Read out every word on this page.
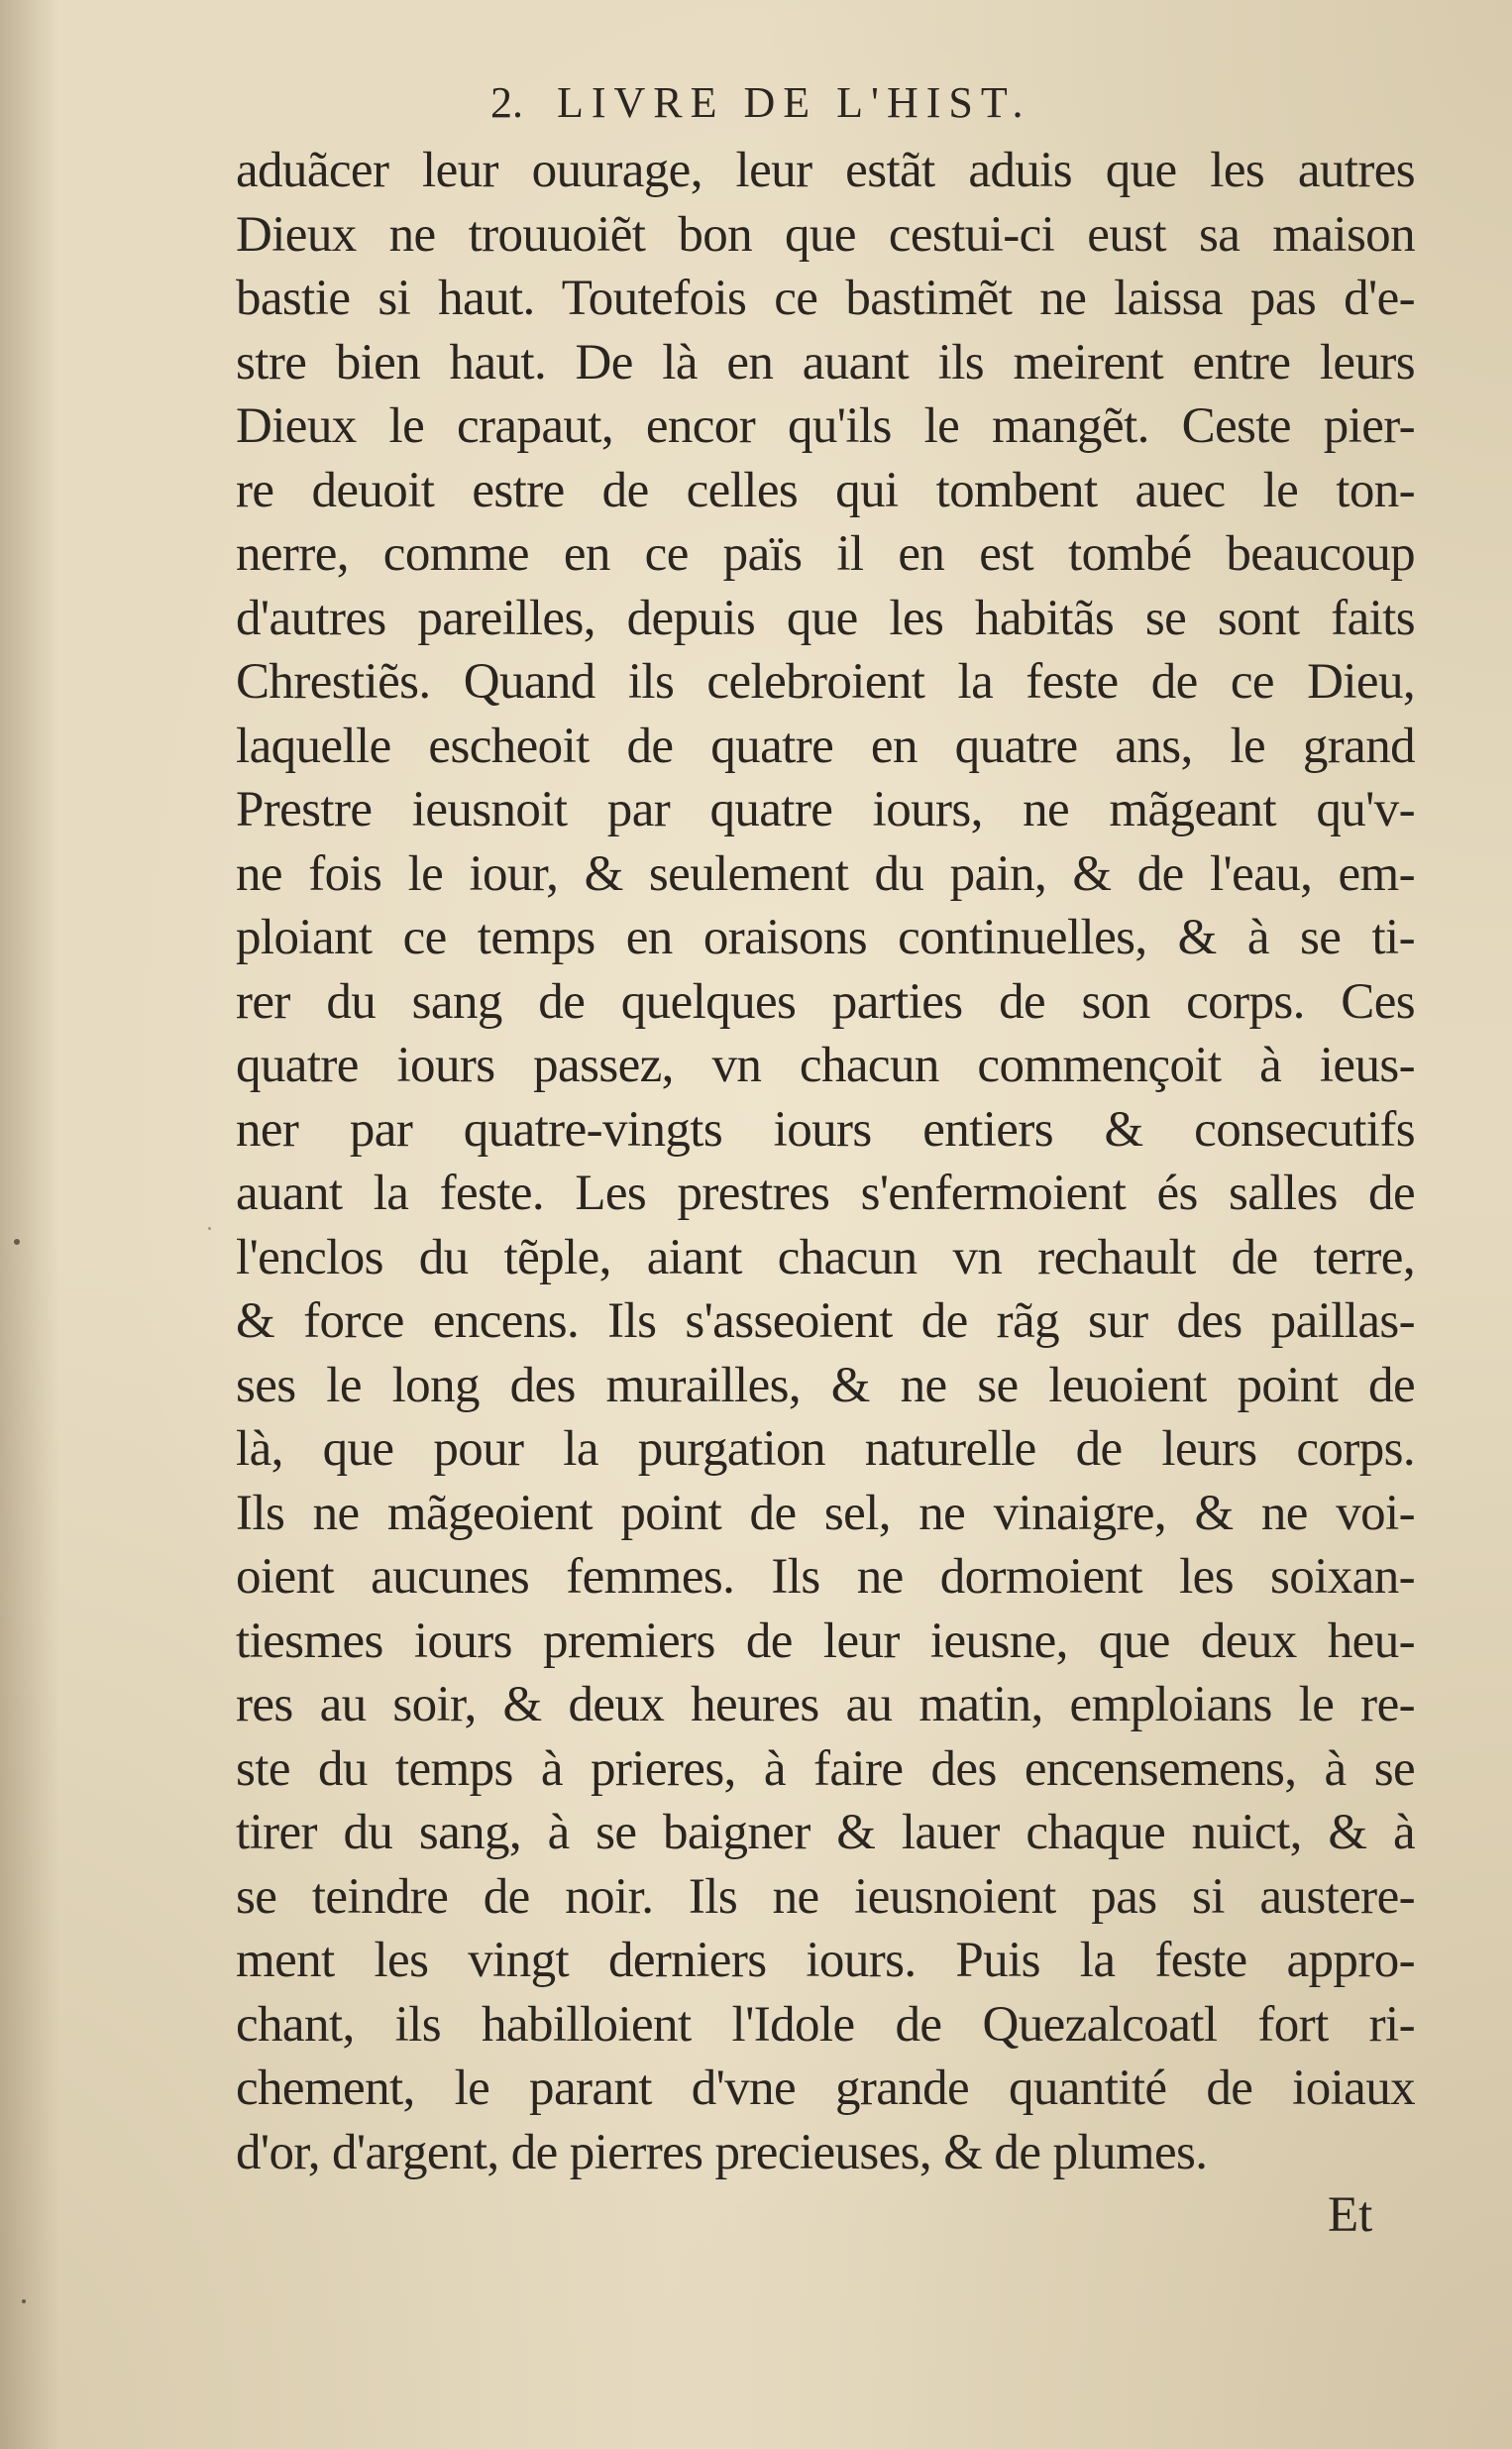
2. LIVRE DE L'HIST.
aduãcer leur ouurage, leur estãt aduis que les autres
Dieux ne trouuoiẽt bon que cestui-ci eust sa maison
bastie si haut. Toutefois ce bastimẽt ne laissa pas d'e-
stre bien haut. De là en auant ils meirent entre leurs
Dieux le crapaut, encor qu'ils le mangẽt. Ceste pier-
re deuoit estre de celles qui tombent auec le ton-
nerre, comme en ce païs il en est tombé beaucoup
d'autres pareilles, depuis que les habitãs se sont faits
Chrestiẽs. Quand ils celebroient la feste de ce Dieu,
laquelle escheoit de quatre en quatre ans, le grand
Prestre ieusnoit par quatre iours, ne mãgeant qu'v-
ne fois le iour, & seulement du pain, & de l'eau, em-
ploiant ce temps en oraisons continuelles, & à se ti-
rer du sang de quelques parties de son corps. Ces
quatre iours passez, vn chacun commençoit à ieus-
ner par quatre-vingts iours entiers & consecutifs
auant la feste. Les prestres s'enfermoient és salles de
l'enclos du tẽple, aiant chacun vn rechault de terre,
& force encens. Ils s'asseoient de rãg sur des paillas-
ses le long des murailles, & ne se leuoient point de
là, que pour la purgation naturelle de leurs corps.
Ils ne mãgeoient point de sel, ne vinaigre, & ne voi-
oient aucunes femmes. Ils ne dormoient les soixan-
tiesmes iours premiers de leur ieusne, que deux heu-
res au soir, & deux heures au matin, emploians le re-
ste du temps à prieres, à faire des encensemens, à se
tirer du sang, à se baigner & lauer chaque nuict, & à
se teindre de noir. Ils ne ieusnoient pas si austere-
ment les vingt derniers iours. Puis la feste appro-
chant, ils habilloient l'Idole de Quezalcoatl fort ri-
chement, le parant d'vne grande quantité de ioiaux
d'or, d'argent, de pierres precieuses, & de plumes.
Et
